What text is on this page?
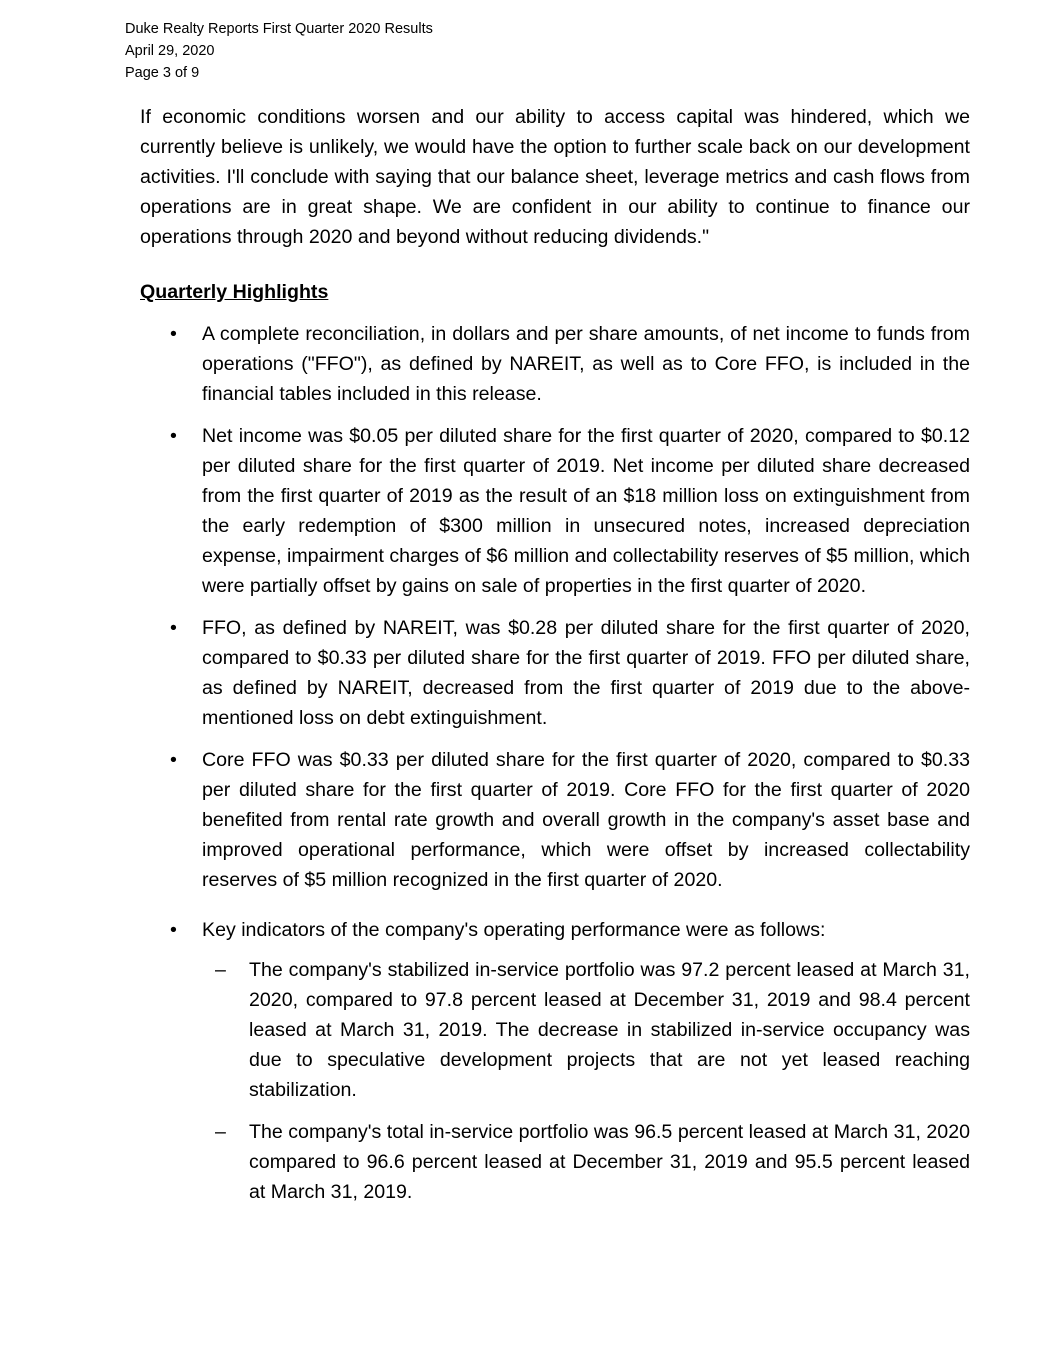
Duke Realty Reports First Quarter 2020 Results
April 29, 2020
Page 3 of 9

If economic conditions worsen and our ability to access capital was hindered, which we currently believe is unlikely, we would have the option to further scale back on our development activities. I'll conclude with saying that our balance sheet, leverage metrics and cash flows from operations are in great shape. We are confident in our ability to continue to finance our operations through 2020 and beyond without reducing dividends."

Quarterly Highlights
• A complete reconciliation, in dollars and per share amounts, of net income to funds from operations ("FFO"), as defined by NAREIT, as well as to Core FFO, is included in the financial tables included in this release.
• Net income was $0.05 per diluted share for the first quarter of 2020, compared to $0.12 per diluted share for the first quarter of 2019. Net income per diluted share decreased from the first quarter of 2019 as the result of an $18 million loss on extinguishment from the early redemption of $300 million in unsecured notes, increased depreciation expense, impairment charges of $6 million and collectability reserves of $5 million, which were partially offset by gains on sale of properties in the first quarter of 2020.
• FFO, as defined by NAREIT, was $0.28 per diluted share for the first quarter of 2020, compared to $0.33 per diluted share for the first quarter of 2019. FFO per diluted share, as defined by NAREIT, decreased from the first quarter of 2019 due to the above-mentioned loss on debt extinguishment.
• Core FFO was $0.33 per diluted share for the first quarter of 2020, compared to $0.33 per diluted share for the first quarter of 2019. Core FFO for the first quarter of 2020 benefited from rental rate growth and overall growth in the company's asset base and improved operational performance, which were offset by increased collectability reserves of $5 million recognized in the first quarter of 2020.
• Key indicators of the company's operating performance were as follows:
– The company's stabilized in-service portfolio was 97.2 percent leased at March 31, 2020, compared to 97.8 percent leased at December 31, 2019 and 98.4 percent leased at March 31, 2019. The decrease in stabilized in-service occupancy was due to speculative development projects that are not yet leased reaching stabilization.
– The company's total in-service portfolio was 96.5 percent leased at March 31, 2020 compared to 96.6 percent leased at December 31, 2019 and 95.5 percent leased at March 31, 2019.
